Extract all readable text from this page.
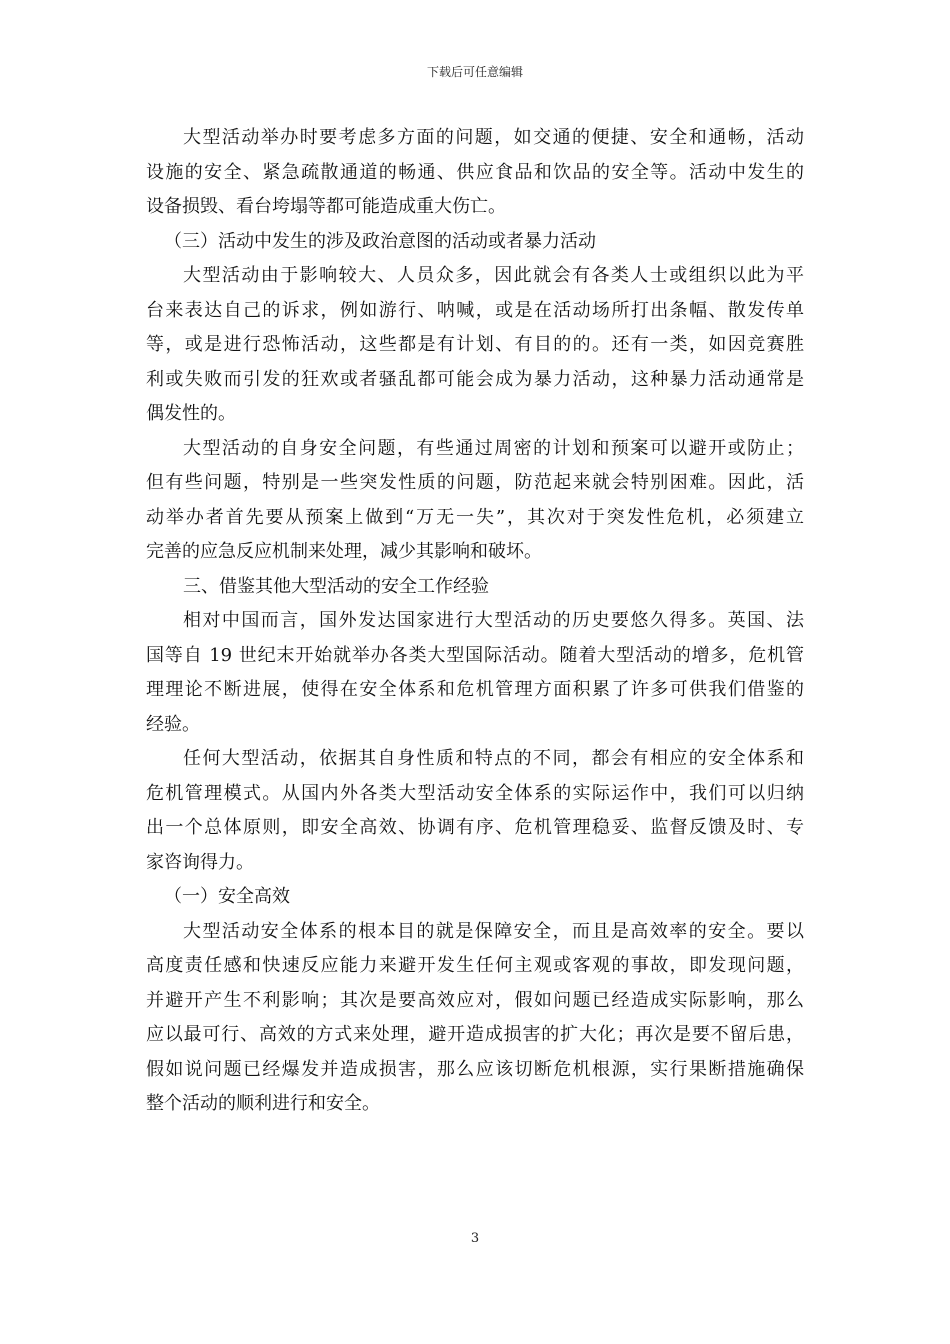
下载后可任意编辑
大型活动举办时要考虑多方面的问题，如交通的便捷、安全和通畅，活动
设施的安全、紧急疏散通道的畅通、供应食品和饮品的安全等。活动中发生的
设备损毁、看台垮塌等都可能造成重大伤亡。
（三）活动中发生的涉及政治意图的活动或者暴力活动
大型活动由于影响较大、人员众多，因此就会有各类人士或组织以此为平
台来表达自己的诉求，例如游行、呐喊，或是在活动场所打出条幅、散发传单
等，或是进行恐怖活动，这些都是有计划、有目的的。还有一类，如因竞赛胜
利或失败而引发的狂欢或者骚乱都可能会成为暴力活动，这种暴力活动通常是
偶发性的。
大型活动的自身安全问题，有些通过周密的计划和预案可以避开或防止；
但有些问题，特别是一些突发性质的问题，防范起来就会特别困难。因此，活
动举办者首先要从预案上做到“万无一失”，其次对于突发性危机，必须建立
完善的应急反应机制来处理，减少其影响和破坏。
三、借鉴其他大型活动的安全工作经验
相对中国而言，国外发达国家进行大型活动的历史要悠久得多。英国、法
国等自 19 世纪末开始就举办各类大型国际活动。随着大型活动的增多，危机管
理理论不断进展，使得在安全体系和危机管理方面积累了许多可供我们借鉴的
经验。
任何大型活动，依据其自身性质和特点的不同，都会有相应的安全体系和
危机管理模式。从国内外各类大型活动安全体系的实际运作中，我们可以归纳
出一个总体原则，即安全高效、协调有序、危机管理稳妥、监督反馈及时、专
家咨询得力。
（一）安全高效
大型活动安全体系的根本目的就是保障安全，而且是高效率的安全。要以
高度责任感和快速反应能力来避开发生任何主观或客观的事故，即发现问题，
并避开产生不利影响；其次是要高效应对，假如问题已经造成实际影响，那么
应以最可行、高效的方式来处理，避开造成损害的扩大化；再次是要不留后患，
假如说问题已经爆发并造成损害，那么应该切断危机根源，实行果断措施确保
整个活动的顺利进行和安全。
3
